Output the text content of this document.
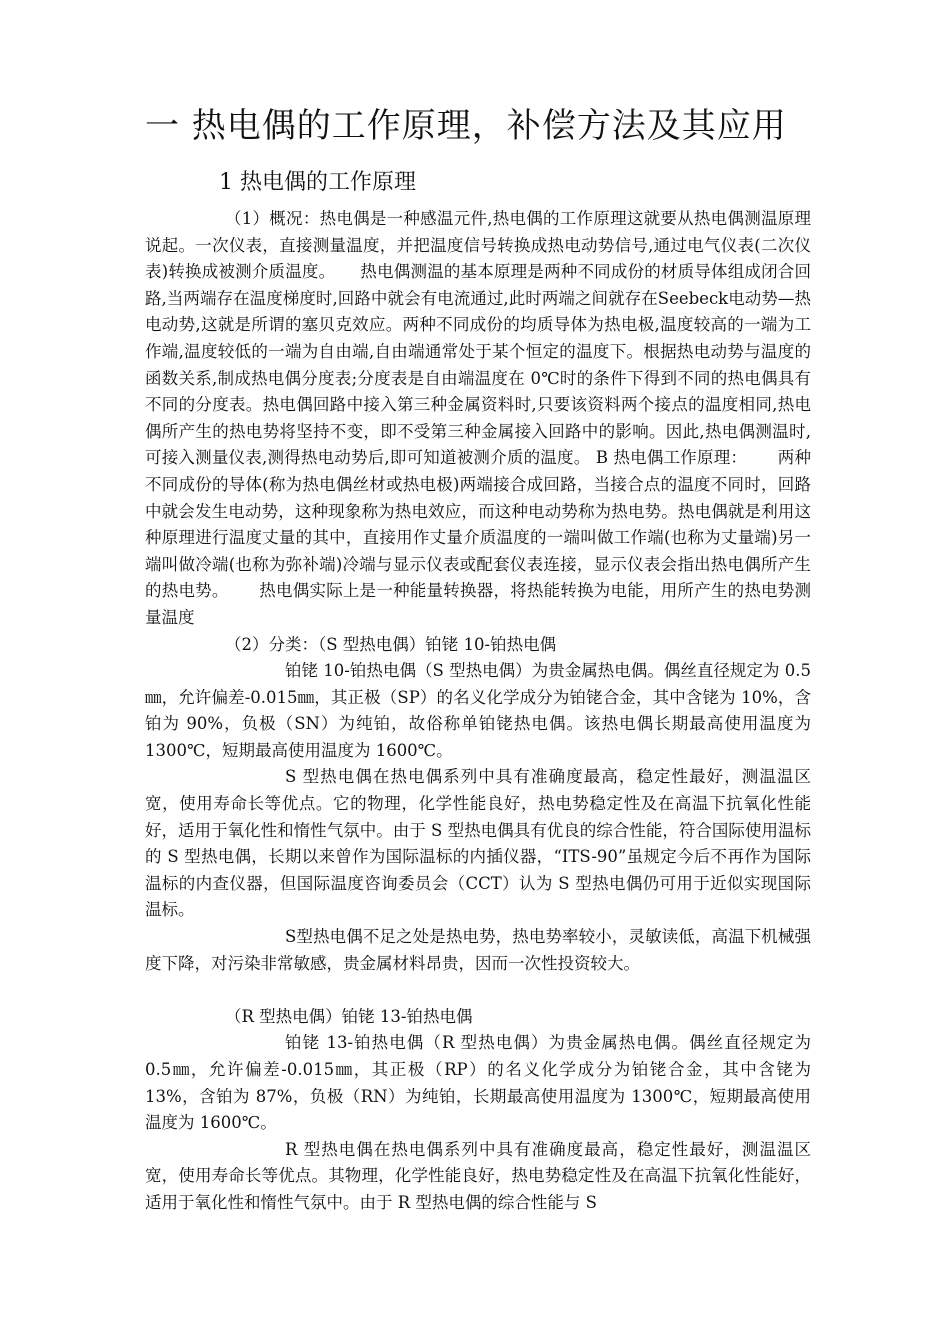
一 热电偶的工作原理，补偿方法及其应用
1 热电偶的工作原理

（1）概况：热电偶是一种感温元件,热电偶的工作原理这就要从热电偶测温原理说起。一次仪表，直接测量温度，并把温度信号转换成热电动势信号,通过电气仪表(二次仪表)转换成被测介质温度。　　热电偶测温的基本原理是两种不同成份的材质导体组成闭合回路,当两端存在温度梯度时,回路中就会有电流通过,此时两端之间就存在Seebeck电动势—热电动势,这就是所谓的塞贝克效应。两种不同成份的均质导体为热电极,温度较高的一端为工作端,温度较低的一端为自由端,自由端通常处于某个恒定的温度下。根据热电动势与温度的函数关系,制成热电偶分度表;分度表是自由端温度在 0℃时的条件下得到不同的热电偶具有不同的分度表。热电偶回路中接入第三种金属资料时,只要该资料两个接点的温度相同,热电偶所产生的热电势将坚持不变，即不受第三种金属接入回路中的影响。因此,热电偶测温时,可接入测量仪表,测得热电动势后,即可知道被测介质的温度。 B 热电偶工作原理：　　 两种不同成份的导体(称为热电偶丝材或热电极)两端接合成回路，当接合点的温度不同时，回路中就会发生电动势，这种现象称为热电效应，而这种电动势称为热电势。热电偶就是利用这种原理进行温度丈量的其中，直接用作丈量介质温度的一端叫做工作端(也称为丈量端)另一端叫做冷端(也称为弥补端)冷端与显示仪表或配套仪表连接，显示仪表会指出热电偶所产生的热电势。　　 热电偶实际上是一种能量转换器，将热能转换为电能，用所产生的热电势测量温度

（2）分类：（S 型热电偶）铂铑 10-铂热电偶

铂铑 10-铂热电偶（S 型热电偶）为贵金属热电偶。偶丝直径规定为 0.5㎜，允许偏差-0.015㎜，其正极（SP）的名义化学成分为铂铑合金，其中含铑为 10%，含铂为 90%，负极（SN）为纯铂，故俗称单铂铑热电偶。该热电偶长期最高使用温度为 1300℃，短期最高使用温度为 1600℃。

S 型热电偶在热电偶系列中具有准确度最高，稳定性最好，测温温区宽，使用寿命长等优点。它的物理，化学性能良好，热电势稳定性及在高温下抗氧化性能好，适用于氧化性和惰性气氛中。由于 S 型热电偶具有优良的综合性能，符合国际使用温标的 S 型热电偶，长期以来曾作为国际温标的内插仪器，“ITS-90”虽规定今后不再作为国际温标的内查仪器，但国际温度咨询委员会（CCT）认为 S 型热电偶仍可用于近似实现国际温标。

S型热电偶不足之处是热电势，热电势率较小，灵敏读低，高温下机械强度下降，对污染非常敏感，贵金属材料昂贵，因而一次性投资较大。

（R 型热电偶）铂铑 13-铂热电偶

铂铑 13-铂热电偶（R 型热电偶）为贵金属热电偶。偶丝直径规定为 0.5㎜，允许偏差-0.015㎜，其正极（RP）的名义化学成分为铂铑合金，其中含铑为 13%，含铂为 87%，负极（RN）为纯铂，长期最高使用温度为 1300℃，短期最高使用温度为 1600℃。

R 型热电偶在热电偶系列中具有准确度最高，稳定性最好，测温温区宽，使用寿命长等优点。其物理，化学性能良好，热电势稳定性及在高温下抗氧化性能好，适用于氧化性和惰性气氛中。由于 R 型热电偶的综合性能与 S
